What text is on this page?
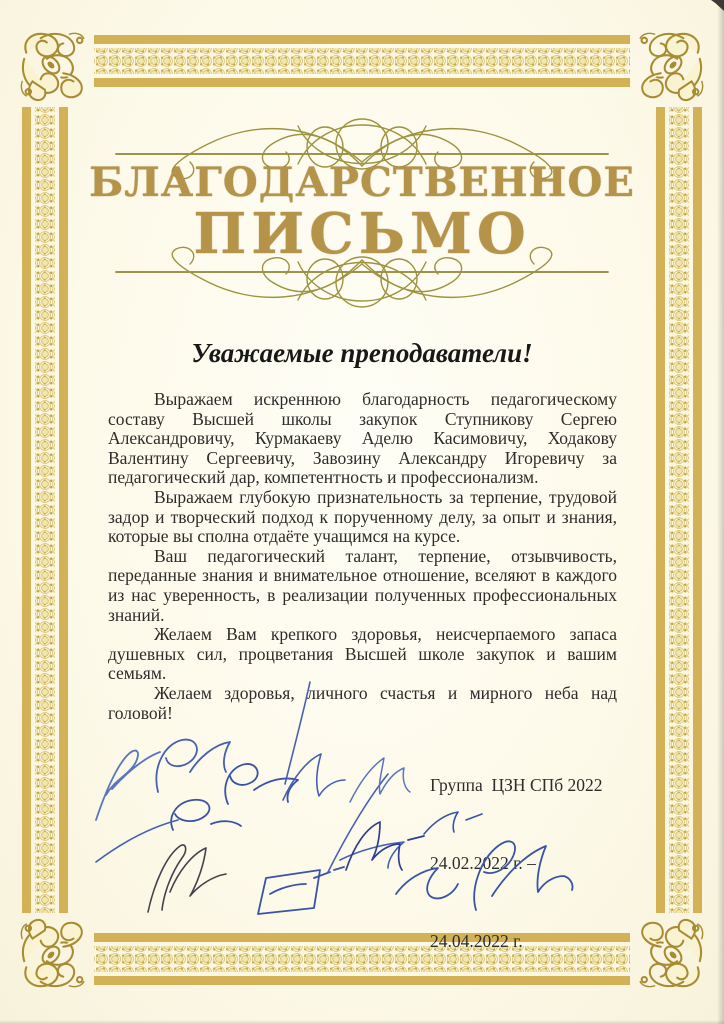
БЛАГОДАРСТВЕННОЕ
ПИСЬМО
Уважаемые преподаватели!

Выражаем искреннюю благодарность педагогическому составу Высшей школы закупок Ступникову Сергею Александровичу, Курмакаеву Аделю Касимовичу, Ходакову Валентину Сергеевичу, Завозину Александру Игоревичу за педагогический дар, компетентность и профессионализм.

Выражаем глубокую признательность за терпение, трудовой задор и творческий подход к порученному делу, за опыт и знания, которые вы сполна отдаёте учащимся на курсе.

Ваш педагогический талант, терпение, отзывчивость, переданные знания и внимательное отношение, вселяют в каждого из нас уверенность, в реализации полученных профессиональных знаний.

Желаем Вам крепкого здоровья, неисчерпаемого запаса душевных сил, процветания Высшей школе закупок и вашим семьям.

Желаем здоровья, личного счастья и мирного неба над головой!

Группа  ЦЗН СПб 2022

24.02.2022 г. –

24.04.2022 г.
